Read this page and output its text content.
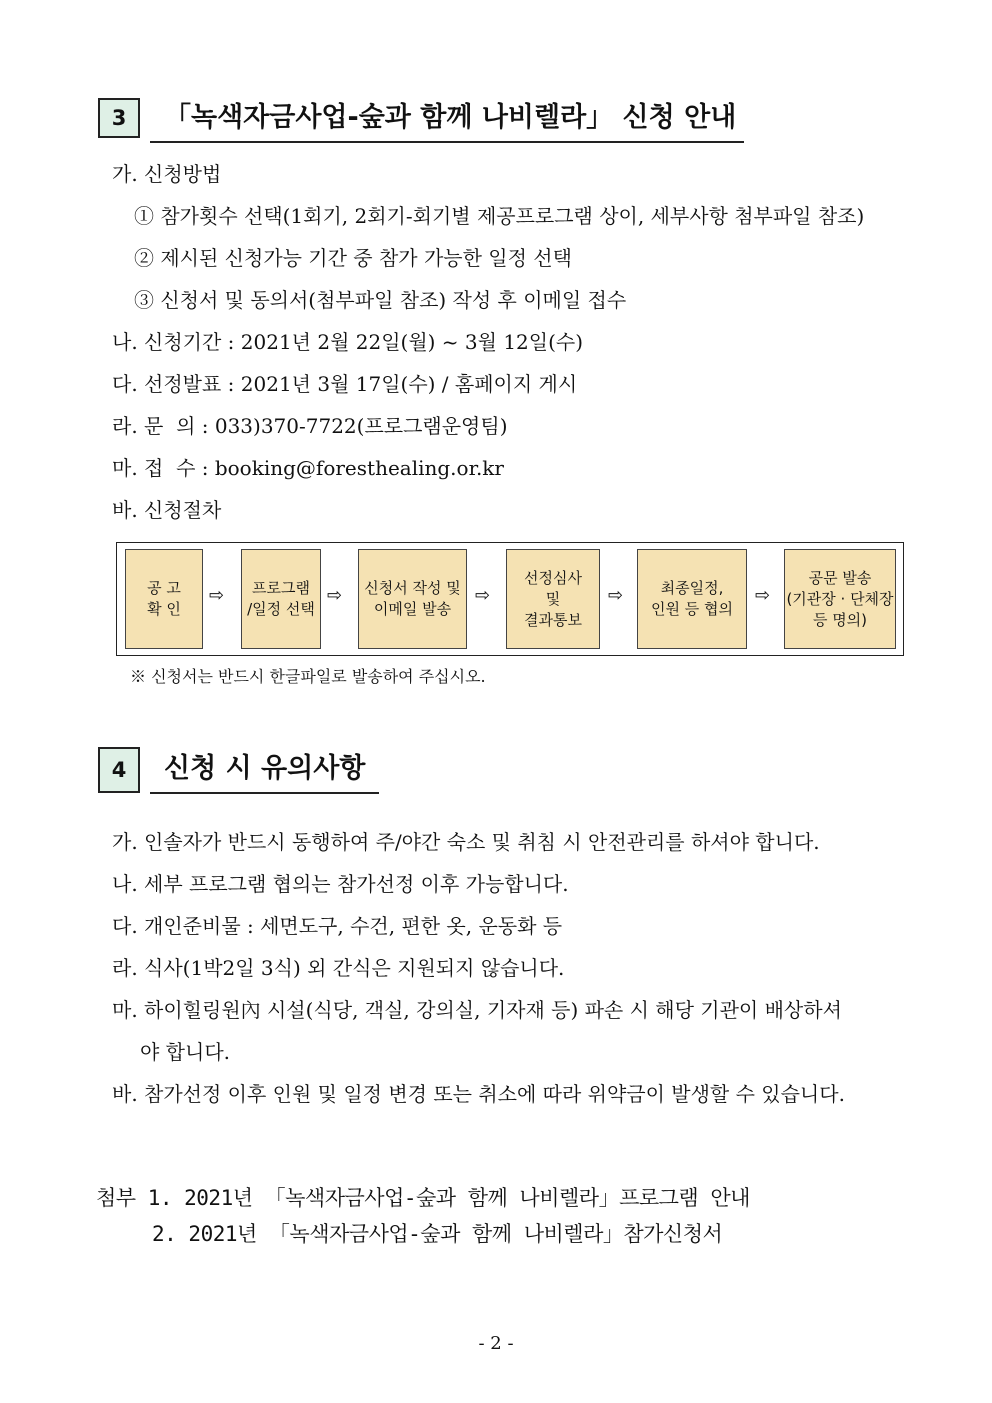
3	「녹색자금사업-숲과 함께 나비렐라」 신청 안내
가. 신청방법
① 참가횟수 선택(1회기, 2회기-회기별 제공프로그램 상이, 세부사항 첨부파일 참조)
② 제시된 신청가능 기간 중 참가 가능한 일정 선택
③ 신청서 및 동의서(첨부파일 참조) 작성 후 이메일 접수
나. 신청기간 : 2021년 2월 22일(월) ~ 3월 12일(수)
다. 선정발표 : 2021년 3월 17일(수) / 홈페이지 게시
라. 문  의 : 033)370-7722(프로그램운영팀)
마. 접  수 : booking@foresthealing.or.kr
바. 신청절차
공 고
확 인
⇨	프로그램
/일정 선택
⇨	신청서 작성 및
이메일 발송
⇨
선정심사
및
결과통보
⇨	최종일정,
인원 등 협의
⇨
공문 발송
(기관장 · 단체장
등 명의)
※ 신청서는 반드시 한글파일로 발송하여 주십시오.
4	신청 시 유의사항
가. 인솔자가 반드시 동행하여 주/야간 숙소 및 취침 시 안전관리를 하셔야 합니다.
나. 세부 프로그램 협의는 참가선정 이후 가능합니다.
다. 개인준비물 : 세면도구, 수건, 편한 옷, 운동화 등
라. 식사(1박2일 3식) 외 간식은 지원되지 않습니다.
마. 하이힐링원內 시설(식당, 객실, 강의실, 기자재 등) 파손 시 해당 기관이 배상하셔
야 합니다.
바. 참가선정 이후 인원 및 일정 변경 또는 취소에 따라 위약금이 발생할 수 있습니다.
첨부 1. 2021년 「녹색자금사업-숲과 함께 나비렐라」프로그램 안내
2. 2021년 「녹색자금사업-숲과 함께 나비렐라」참가신청서
- 2 -
